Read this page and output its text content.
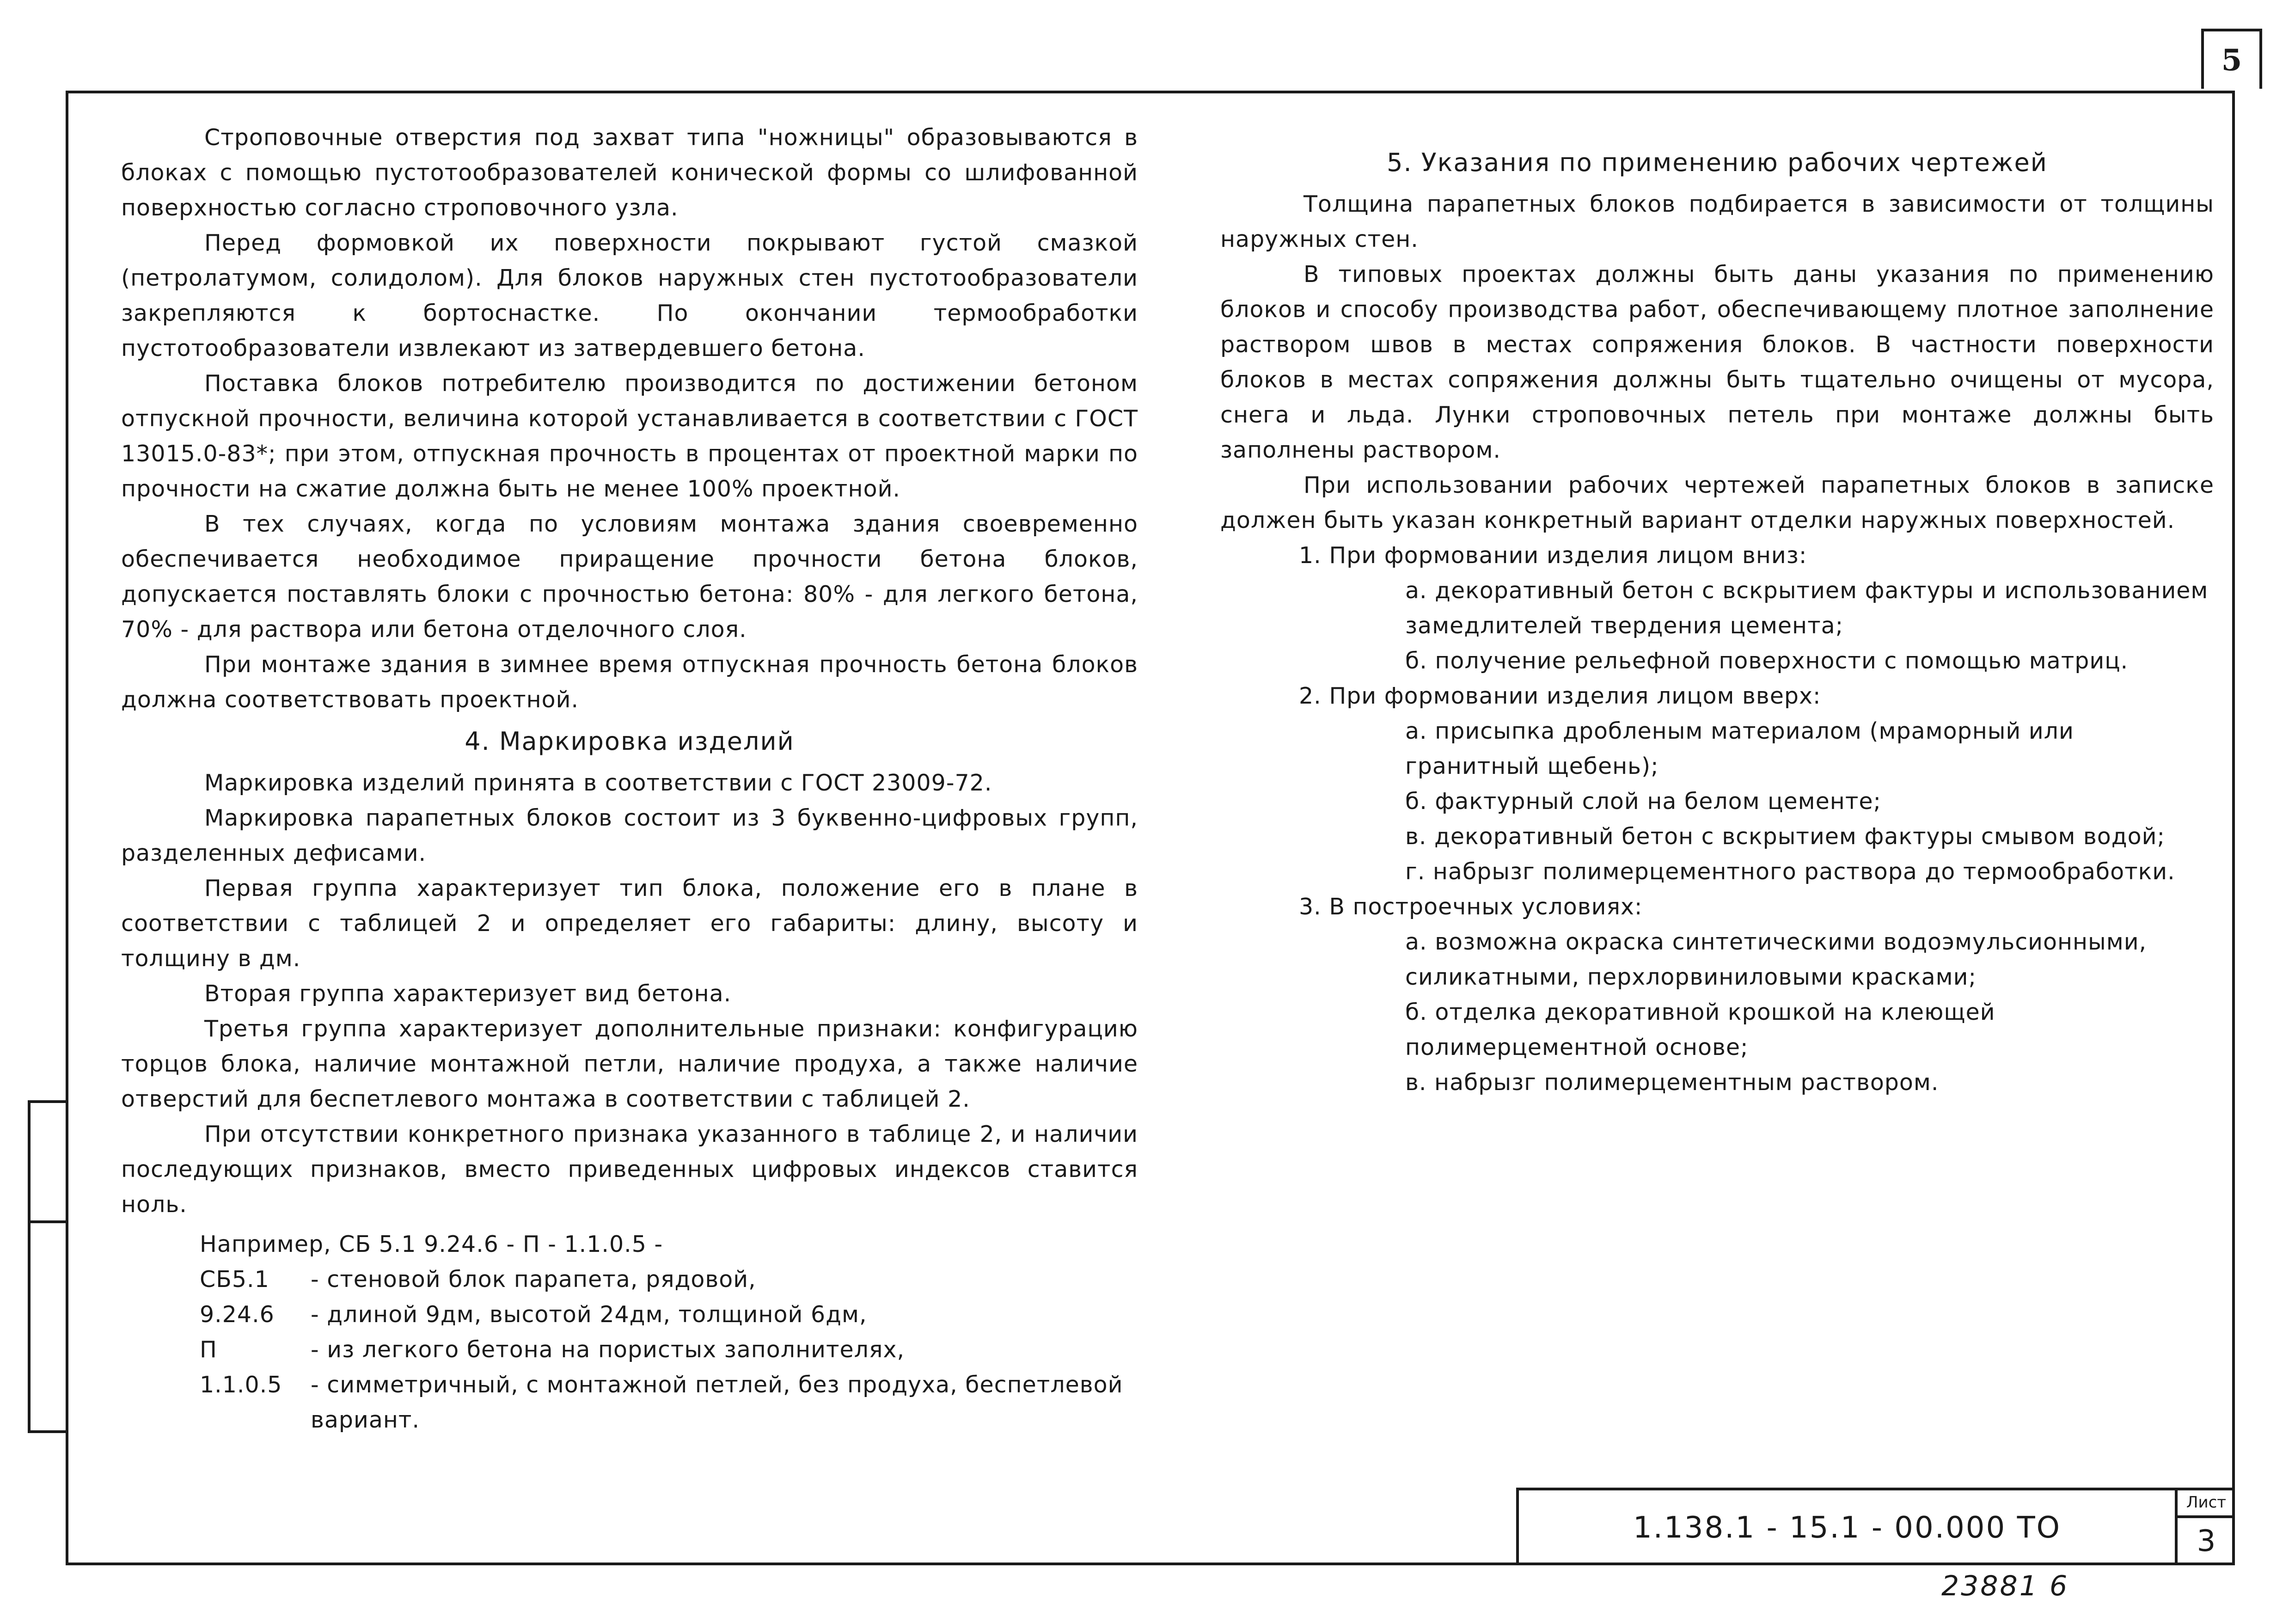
5

Строповочные отверстия под захват типа "ножницы" образовываются в блоках с помощью пустотообразователей конической формы со шлифованной поверхностью согласно строповочного узла.

Перед формовкой их поверхности покрывают густой смазкой (петролатумом, солидолом). Для блоков наружных стен пустотообразователи закрепляются к бортоснастке. По окончании термообработки пустотообразователи извлекают из затвердевшего бетона.

Поставка блоков потребителю производится по достижении бетоном отпускной прочности, величина которой устанавливается в соответствии с ГОСТ 13015.0-83*; при этом, отпускная прочность в процентах от проектной марки по прочности на сжатие должна быть не менее 100% проектной.

В тех случаях, когда по условиям монтажа здания своевременно обеспечивается необходимое приращение прочности бетона блоков, допускается поставлять блоки с прочностью бетона: 80% - для легкого бетона, 70% - для раствора или бетона отделочного слоя.

При монтаже здания в зимнее время отпускная прочность бетона блоков должна соответствовать проектной.

4. Маркировка изделий

Маркировка изделий принята в соответствии с ГОСТ 23009-72.

Маркировка парапетных блоков состоит из 3 буквенно-цифровых групп, разделенных дефисами.

Первая группа характеризует тип блока, положение его в плане в соответствии с таблицей 2 и определяет его габариты: длину, высоту и толщину в дм.

Вторая группа характеризует вид бетона.

Третья группа характеризует дополнительные признаки: конфигурацию торцов блока, наличие монтажной петли, наличие продуха, а также наличие отверстий для беспетлевого монтажа в соответствии с таблицей 2.

При отсутствии конкретного признака указанного в таблице 2, и наличии последующих признаков, вместо приведенных цифровых индексов ставится ноль.

Например, СБ 5.1 9.24.6 - П - 1.1.0.5 -
СБ5.1	- стеновой блок парапета, рядовой,
9.24.6	- длиной 9дм, высотой 24дм, толщиной 6дм,
П	- из легкого бетона на пористых заполнителях,
1.1.0.5	- симметричный, с монтажной петлей, без продуха, беспетлевой вариант.
5. Указания по применению рабочих чертежей

Толщина парапетных блоков подбирается в зависимости от толщины наружных стен.

В типовых проектах должны быть даны указания по применению блоков и способу производства работ, обеспечивающему плотное заполнение раствором швов в местах сопряжения блоков. В частности поверхности блоков в местах сопряжения должны быть тщательно очищены от мусора, снега и льда. Лунки строповочных петель при монтаже должны быть заполнены раствором.

При использовании рабочих чертежей парапетных блоков в записке должен быть указан конкретный вариант отделки наружных поверхностей.

1. При формовании изделия лицом вниз:
а. декоративный бетон с вскрытием фактуры и использованием замедлителей твердения цемента;
б. получение рельефной поверхности с помощью матриц.
2. При формовании изделия лицом вверх:
а. присыпка дробленым материалом (мраморный или гранитный щебень);
б. фактурный слой на белом цементе;
в. декоративный бетон с вскрытием фактуры смывом водой;
г. набрызг полимерцементного раствора до термообработки.
3. В построечных условиях:
а. возможна окраска синтетическими водоэмульсионными, силикатными, перхлорвиниловыми красками;
б. отделка декоративной крошкой на клеющей полимерцементной основе;
в. набрызг полимерцементным раствором.
1.138.1 - 15.1 - 00.000 ТО
Лист
3
23881 6
